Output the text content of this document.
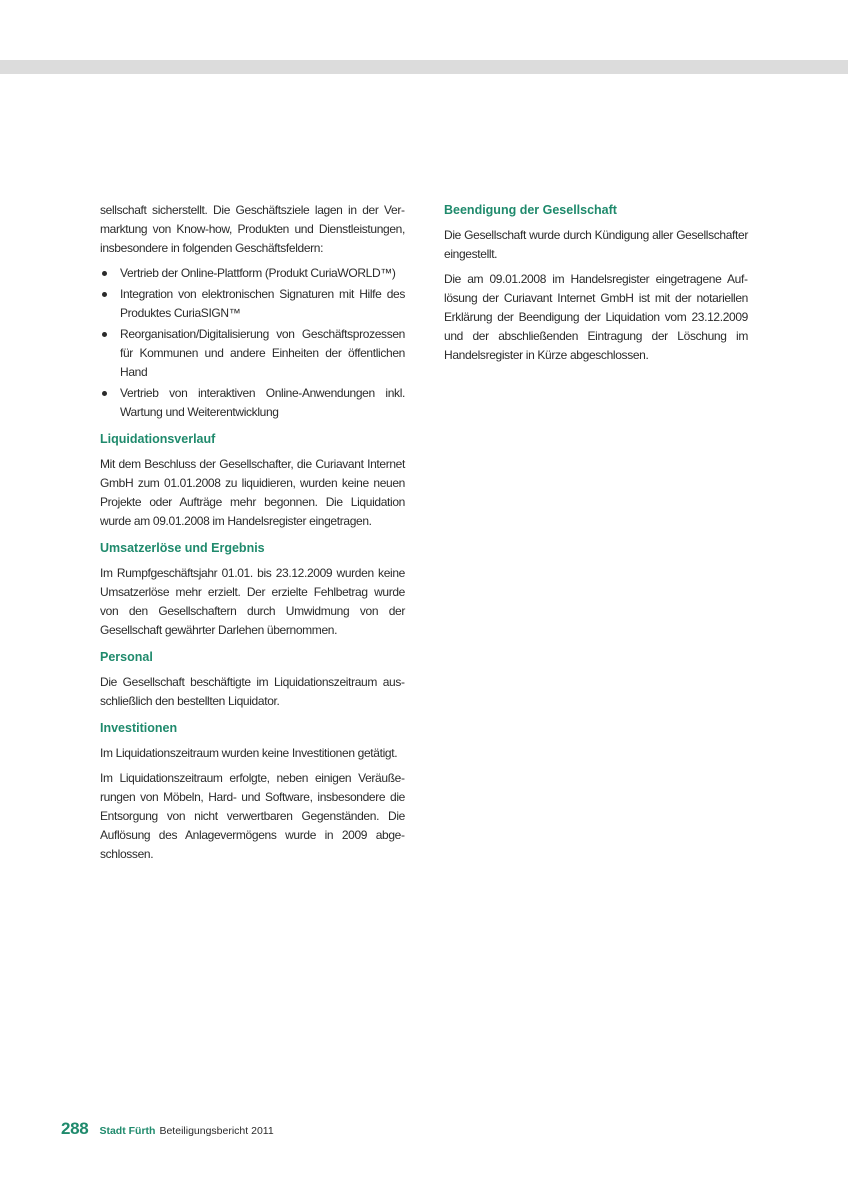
sellschaft sicherstellt. Die Geschäftsziele lagen in der Vermarktung von Know-how, Produkten und Dienstleistungen, insbesondere in folgenden Geschäftsfeldern:

Vertrieb der Online-Plattform (Produkt CuriaWORLD™)
Integration von elektronischen Signaturen mit Hilfe des Produktes CuriaSIGN™
Reorganisation/Digitalisierung von Geschäftsprozessen für Kommunen und andere Einheiten der öffentlichen Hand
Vertrieb von interaktiven Online-Anwendungen inkl. Wartung und Weiterentwicklung
Liquidationsverlauf

Mit dem Beschluss der Gesellschafter, die Curiavant Internet GmbH zum 01.01.2008 zu liquidieren, wurden keine neuen Projekte oder Aufträge mehr begonnen. Die Liquidation wurde am 09.01.2008 im Handelsregister eingetragen.

Umsatzerlöse und Ergebnis

Im Rumpfgeschäftsjahr 01.01. bis 23.12.2009 wurden keine Umsatzerlöse mehr erzielt. Der erzielte Fehlbetrag wurde von den Gesellschaftern durch Umwidmung von der Gesellschaft gewährter Darlehen übernommen.

Personal

Die Gesellschaft beschäftigte im Liquidationszeitraum ausschließlich den bestellten Liquidator.

Investitionen

Im Liquidationszeitraum wurden keine Investitionen getätigt.

Im Liquidationszeitraum erfolgte, neben einigen Veräußerungen von Möbeln, Hard- und Software, insbesondere die Entsorgung von nicht verwertbaren Gegenständen. Die Auflösung des Anlagevermögens wurde in 2009 abgeschlossen.

Beendigung der Gesellschaft

Die Gesellschaft wurde durch Kündigung aller Gesellschafter eingestellt.

Die am 09.01.2008 im Handelsregister eingetragene Auflösung der Curiavant Internet GmbH ist mit der notariellen Erklärung der Beendigung der Liquidation vom 23.12.2009 und der abschließenden Eintragung der Löschung im Handelsregister in Kürze abgeschlossen.

288 Stadt Fürth Beteiligungsbericht 2011
